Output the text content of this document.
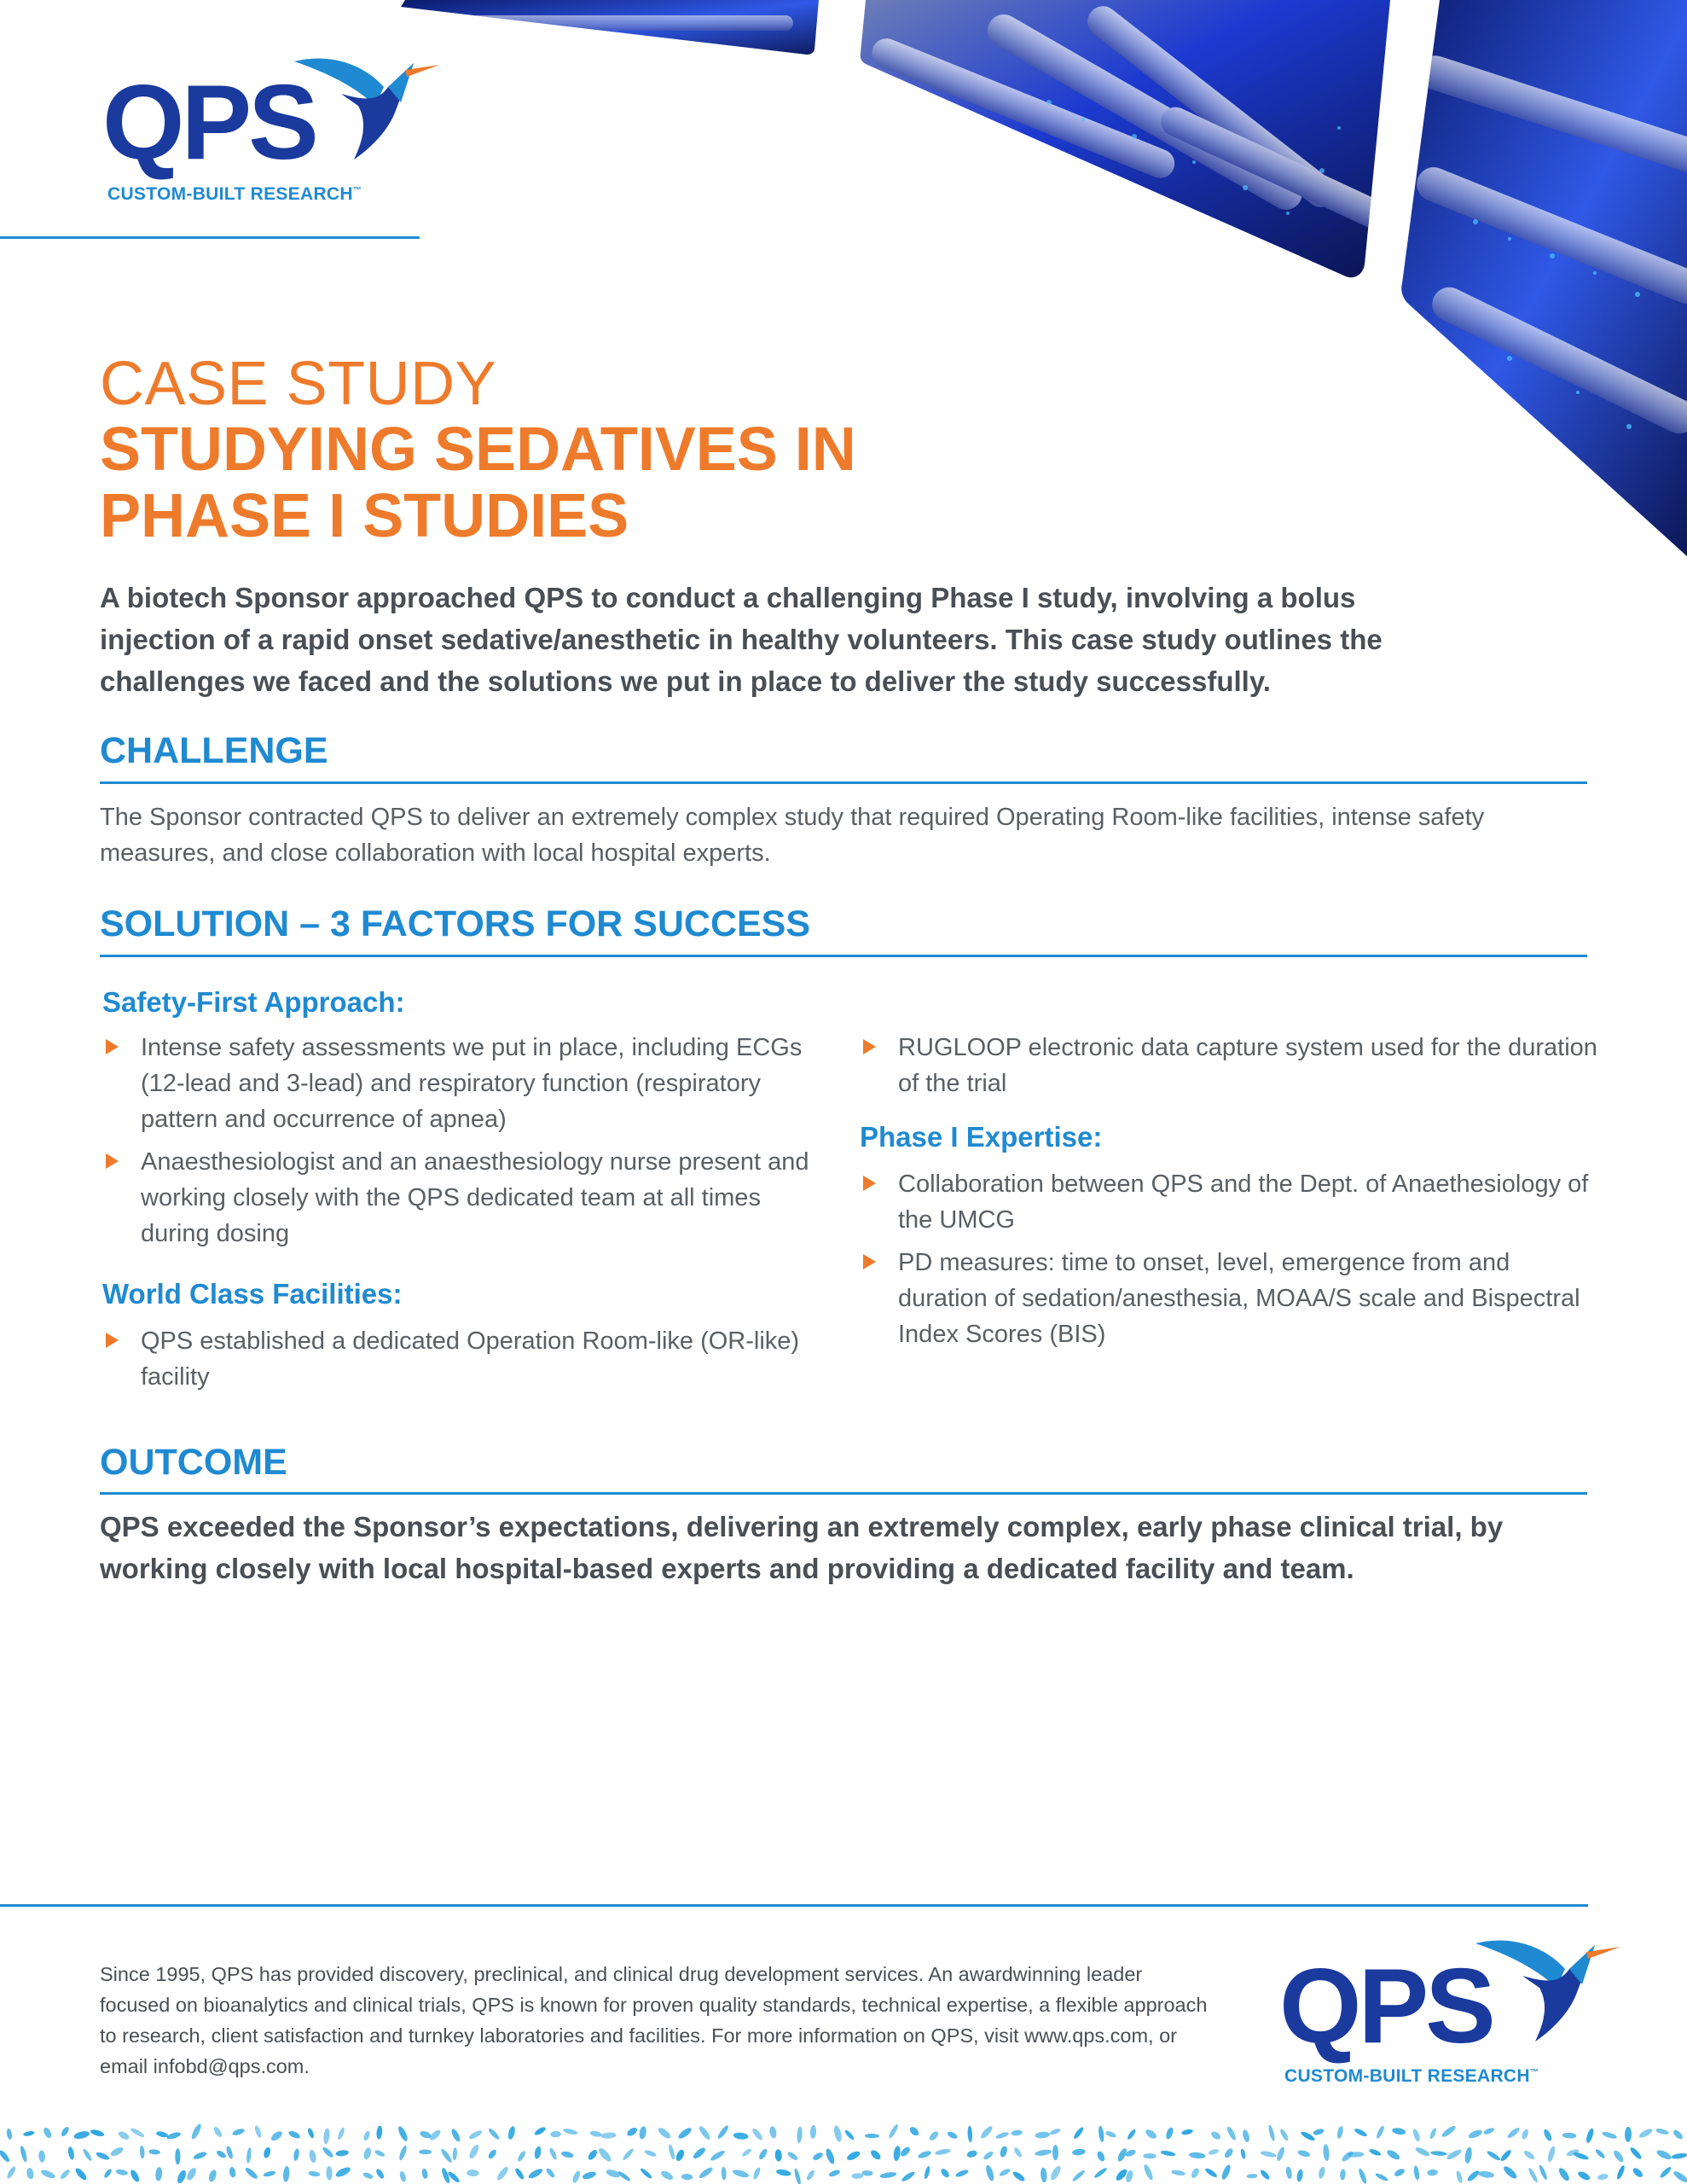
QPS
CUSTOM-BUILT RESEARCH™
CASE STUDY
STUDYING SEDATIVES IN
PHASE I STUDIES
A biotech Sponsor approached QPS to conduct a challenging Phase I study, involving a bolus injection of a rapid onset sedative/anesthetic in healthy volunteers. This case study outlines the challenges we faced and the solutions we put in place to deliver the study successfully.
CHALLENGE
The Sponsor contracted QPS to deliver an extremely complex study that required Operating Room-like facilities, intense safety measures, and close collaboration with local hospital experts.
SOLUTION – 3 FACTORS FOR SUCCESS
Safety-First Approach:
Intense safety assessments we put in place, including ECGs (12-lead and 3-lead) and respiratory function (respiratory pattern and occurrence of apnea)
Anaesthesiologist and an anaesthesiology nurse present and working closely with the QPS dedicated team at all times during dosing
World Class Facilities:
QPS established a dedicated Operation Room-like (OR-like) facility
RUGLOOP electronic data capture system used for the duration of the trial
Phase I Expertise:
Collaboration between QPS and the Dept. of Anaethesiology of the UMCG
PD measures: time to onset, level, emergence from and duration of sedation/anesthesia, MOAA/S scale and Bispectral Index Scores (BIS)
OUTCOME
QPS exceeded the Sponsor’s expectations, delivering an extremely complex, early phase clinical trial, by working closely with local hospital-based experts and providing a dedicated facility and team.
Since 1995, QPS has provided discovery, preclinical, and clinical drug development services. An awardwinning leader focused on bioanalytics and clinical trials, QPS is known for proven quality standards, technical expertise, a flexible approach to research, client satisfaction and turnkey laboratories and facilities. For more information on QPS, visit www.qps.com, or email infobd@qps.com.
QPS
CUSTOM-BUILT RESEARCH™
